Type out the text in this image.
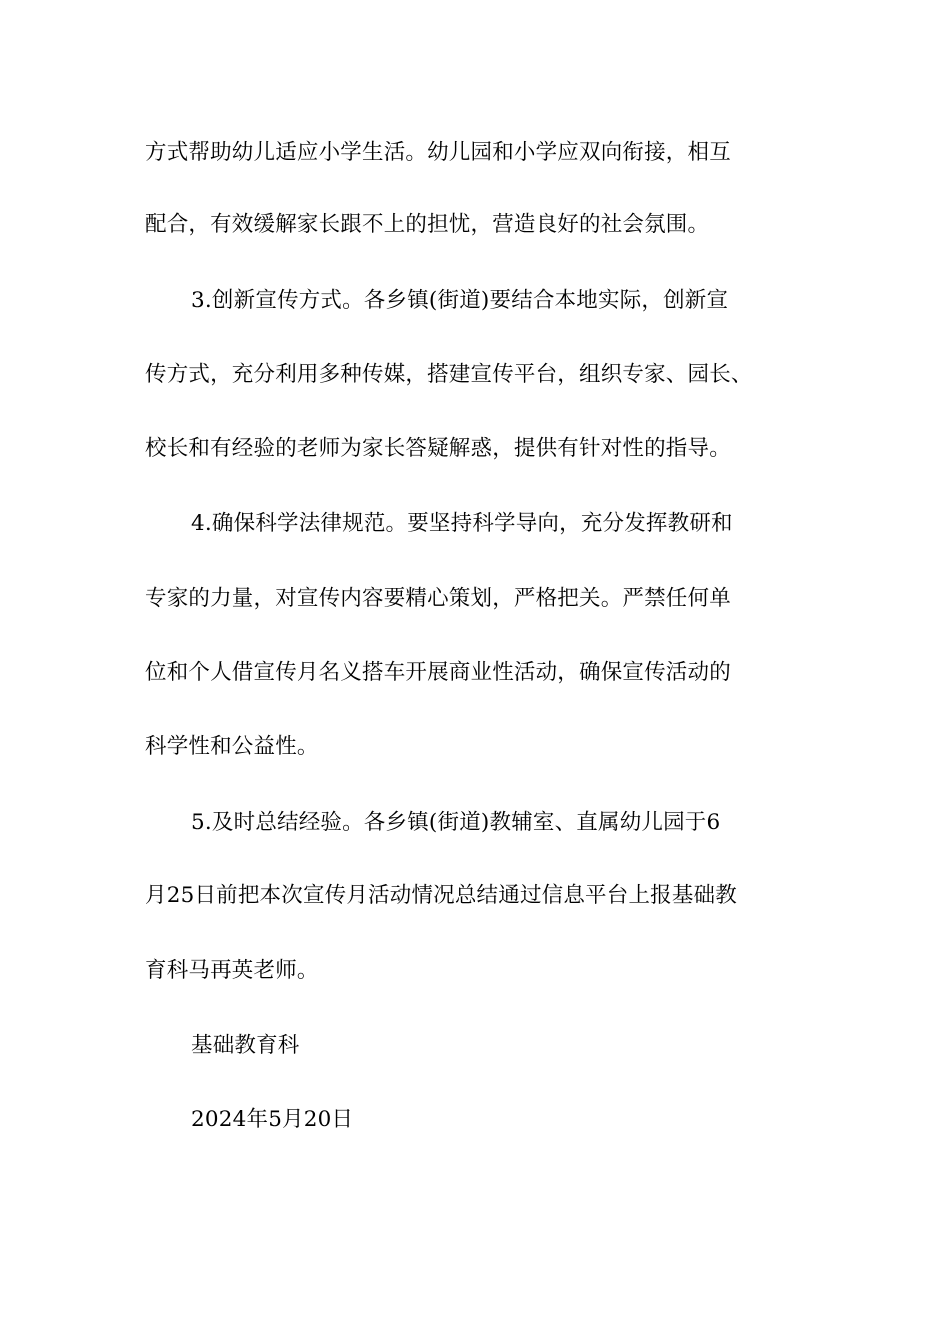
方式帮助幼儿适应小学生活。幼儿园和小学应双向衔接，相互
配合，有效缓解家长跟不上的担忧，营造良好的社会氛围。
3.创新宣传方式。各乡镇(街道)要结合本地实际，创新宣
传方式，充分利用多种传媒，搭建宣传平台，组织专家、园长、
校长和有经验的老师为家长答疑解惑，提供有针对性的指导。
4.确保科学法律规范。要坚持科学导向，充分发挥教研和
专家的力量，对宣传内容要精心策划，严格把关。严禁任何单
位和个人借宣传月名义搭车开展商业性活动，确保宣传活动的
科学性和公益性。
5.及时总结经验。各乡镇(街道)教辅室、直属幼儿园于6
月25日前把本次宣传月活动情况总结通过信息平台上报基础教
育科马再英老师。
基础教育科
2024年5月20日
